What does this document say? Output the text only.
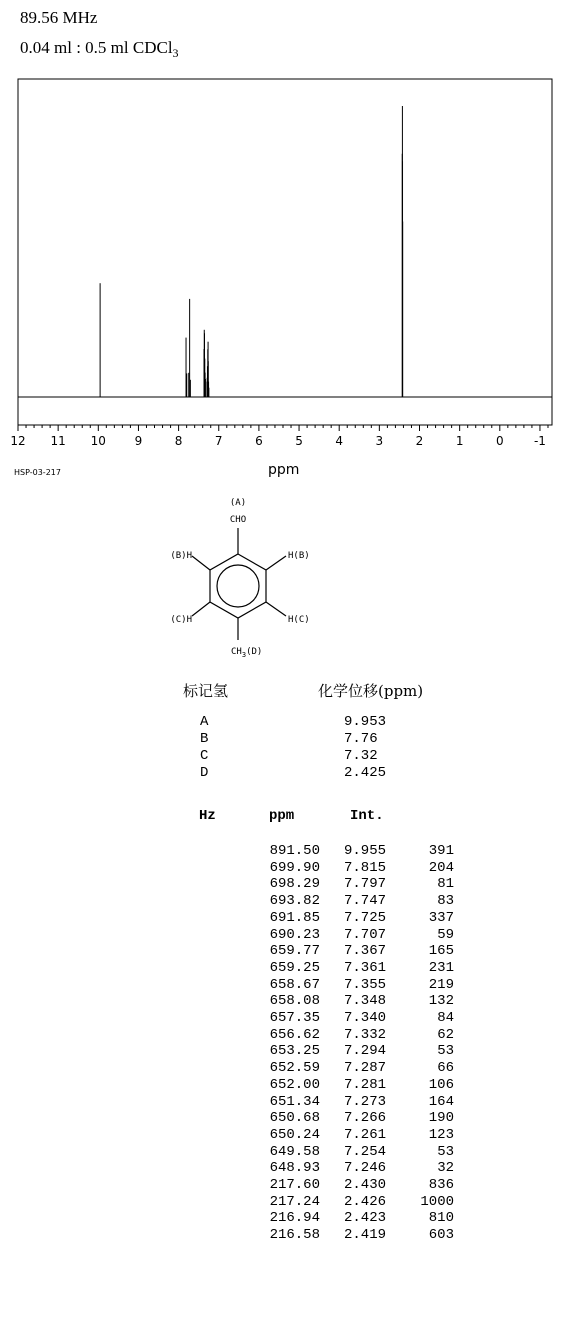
89.56 MHz
0.04 ml : 0.5 ml CDCl$_3$
12 11 10 9	8	7	6	5	4	3	2	1	0	-1
HSP-03-217	ppm
(A)
CHO
(B)H	H(B)
(C)H	H(C)
$CH_3(D)$
标记氢	化学位移(ppm)
A	9.953
B	7.76
C	7.32
D	2.425
Hz	ppm	Int.
891.50 9.955	391
699.90 7.815	204
698.29 7.797	81
693.82 7.747	83
691.85 7.725	337
690.23 7.707	59
659.77 7.367	165
659.25 7.361	231
658.67 7.355	219
658.08 7.348	132
657.35 7.340	84
656.62 7.332	62
653.25 7.294	53
652.59 7.287	66
652.00 7.281	106
651.34 7.273	164
650.68 7.266	190
650.24 7.261	123
649.58 7.254	53
648.93 7.246	32
217.60 2.430	836
217.24 2.426 1000
216.94 2.423	810
216.58 2.419	603
